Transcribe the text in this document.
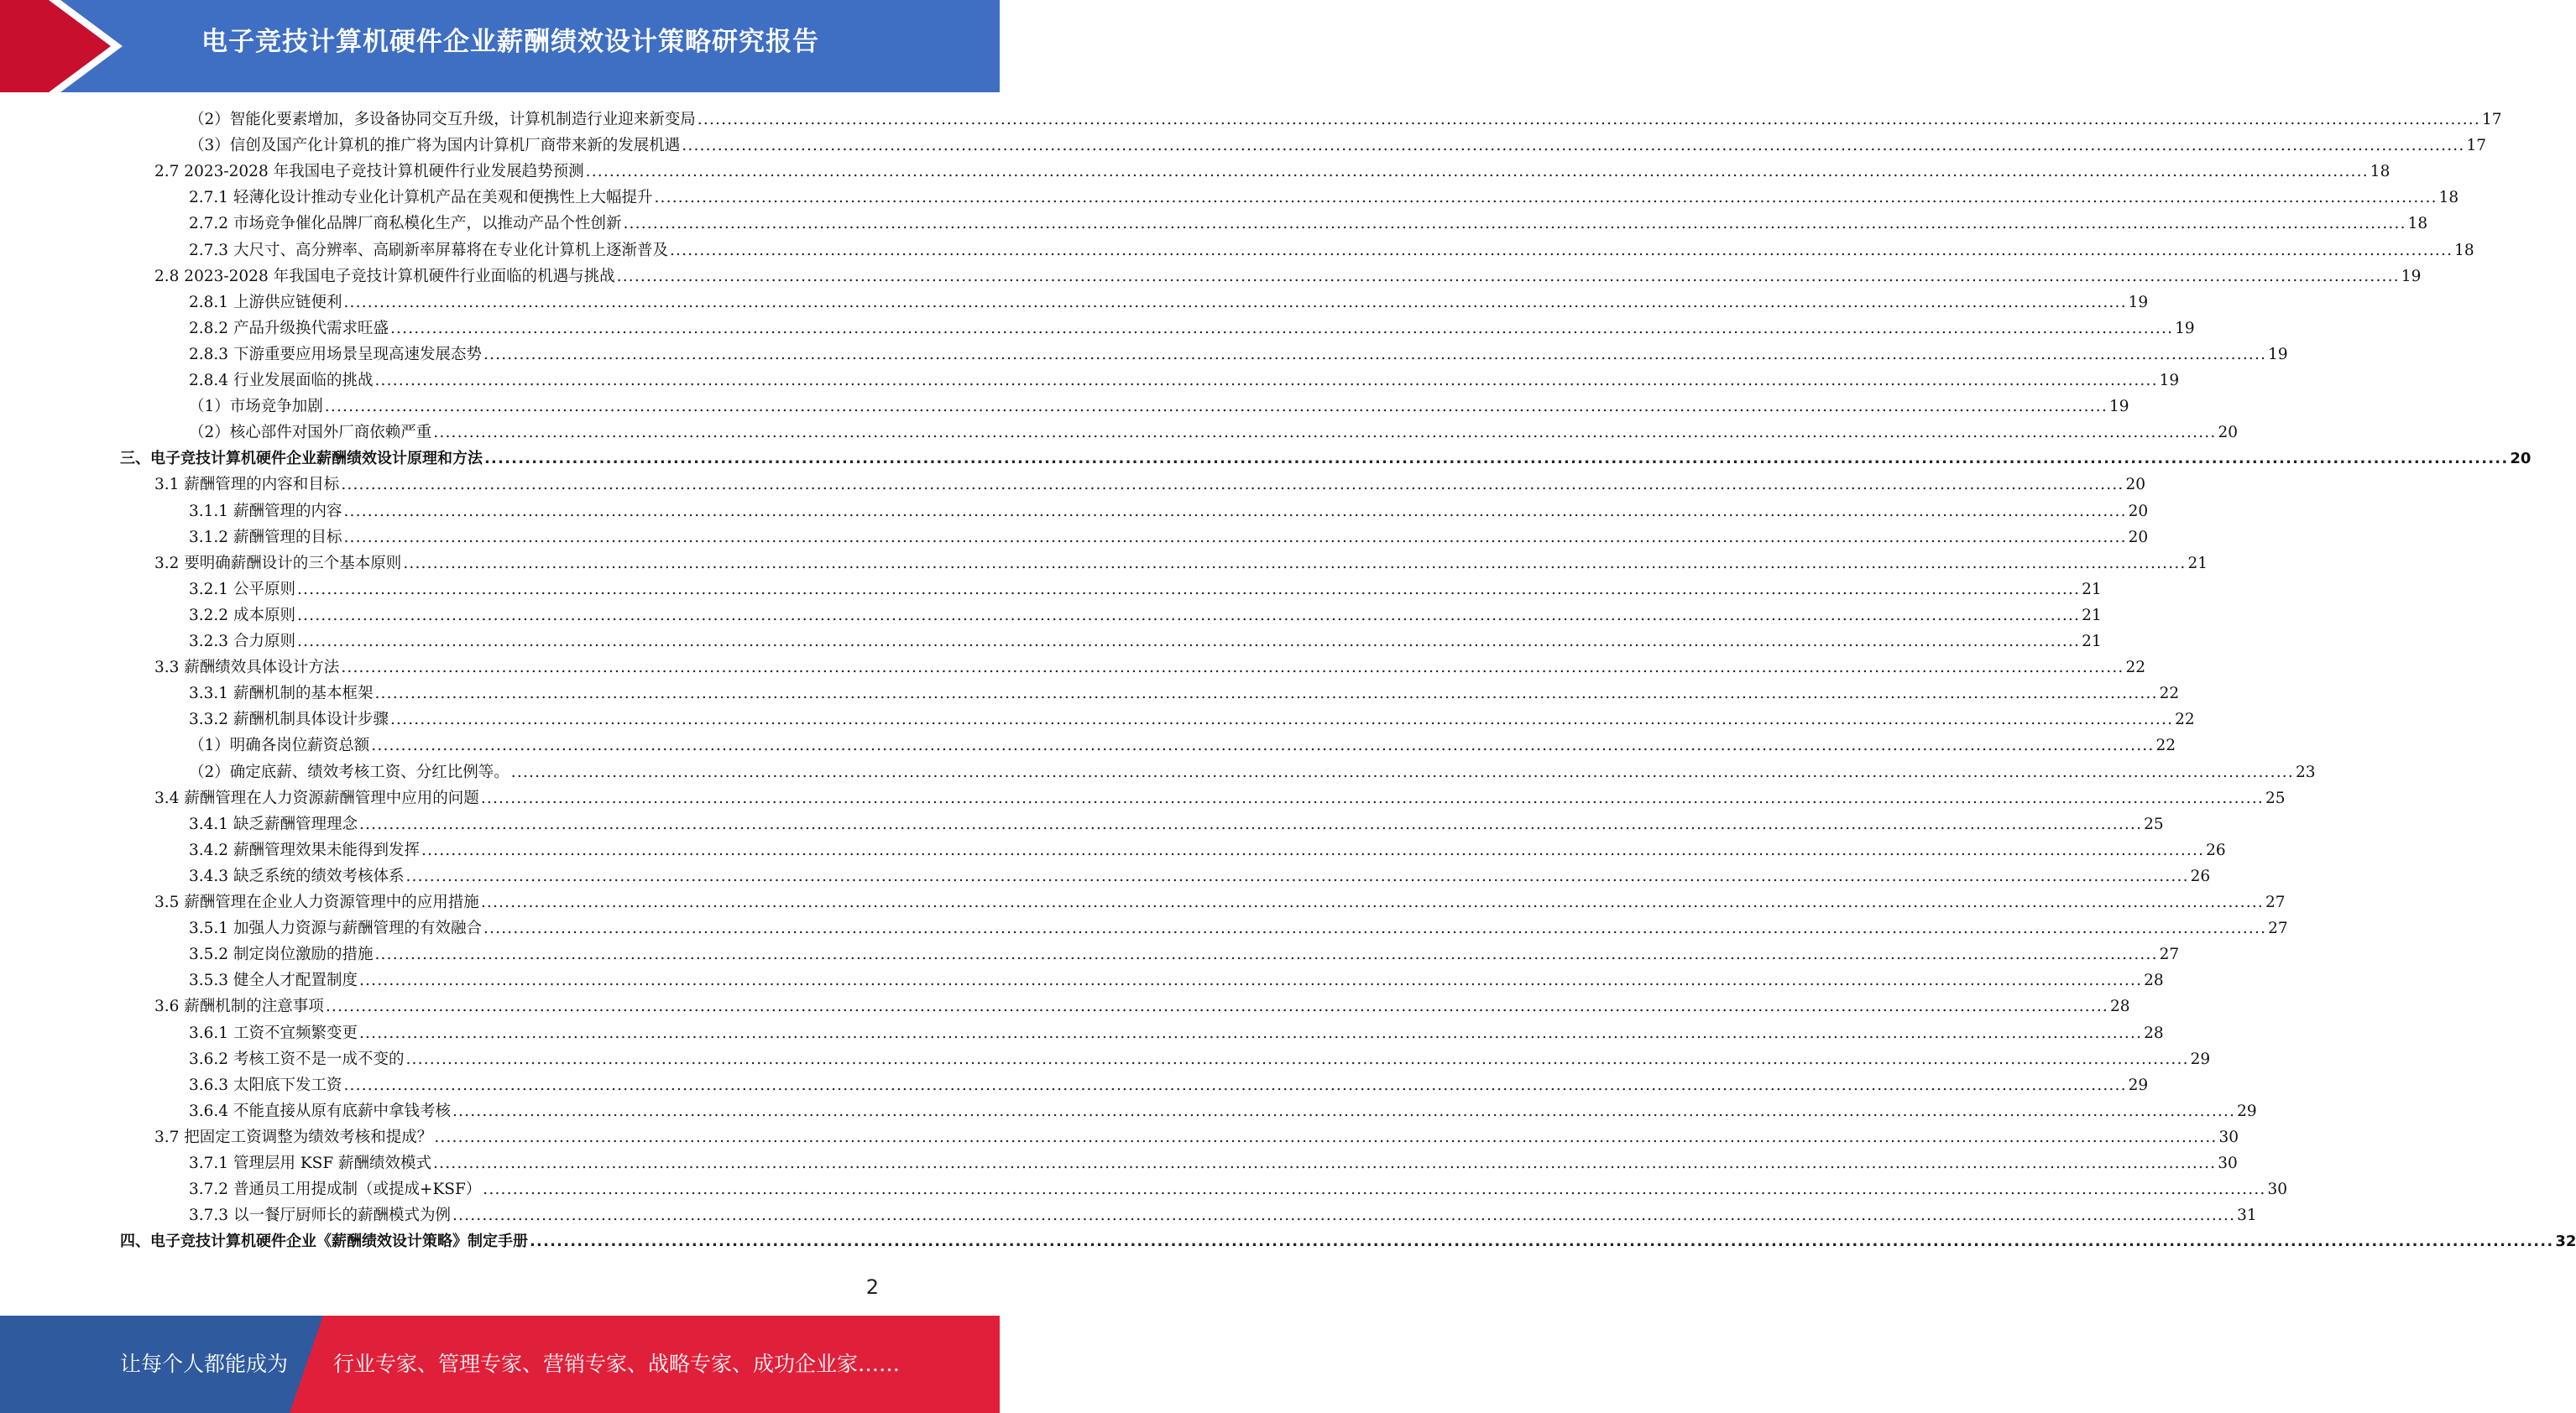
电子竞技计算机硬件企业薪酬绩效设计策略研究报告
（2）智能化要素增加，多设备协同交互升级，计算机制造行业迎来新变局 ............................................................................................................................................................................................................................................................................................................ 17
（3）信创及国产化计算机的推广将为国内计算机厂商带来新的发展机遇 ............................................................................................................................................................................................................................................................................................................ 17
2.7 2023-2028 年我国电子竞技计算机硬件行业发展趋势预测 ............................................................................................................................................................................................................................................................................................................ 18
2.7.1 轻薄化设计推动专业化计算机产品在美观和便携性上大幅提升 ............................................................................................................................................................................................................................................................................................................ 18
2.7.2 市场竞争催化品牌厂商私模化生产，以推动产品个性创新 ............................................................................................................................................................................................................................................................................................................ 18
2.7.3 大尺寸、高分辨率、高刷新率屏幕将在专业化计算机上逐渐普及 ............................................................................................................................................................................................................................................................................................................ 18
2.8 2023-2028 年我国电子竞技计算机硬件行业面临的机遇与挑战 ............................................................................................................................................................................................................................................................................................................ 19
2.8.1 上游供应链便利 ............................................................................................................................................................................................................................................................................................................ 19
2.8.2 产品升级换代需求旺盛 ............................................................................................................................................................................................................................................................................................................ 19
2.8.3 下游重要应用场景呈现高速发展态势 ............................................................................................................................................................................................................................................................................................................ 19
2.8.4 行业发展面临的挑战 ............................................................................................................................................................................................................................................................................................................ 19
（1）市场竞争加剧 ............................................................................................................................................................................................................................................................................................................ 19
（2）核心部件对国外厂商依赖严重 ............................................................................................................................................................................................................................................................................................................ 20
三、电子竞技计算机硬件企业薪酬绩效设计原理和方法 ............................................................................................................................................................................................................................................................................................................ 20
3.1 薪酬管理的内容和目标 ............................................................................................................................................................................................................................................................................................................ 20
3.1.1 薪酬管理的内容 ............................................................................................................................................................................................................................................................................................................ 20
3.1.2 薪酬管理的目标 ............................................................................................................................................................................................................................................................................................................ 20
3.2 要明确薪酬设计的三个基本原则 ............................................................................................................................................................................................................................................................................................................ 21
3.2.1 公平原则 ............................................................................................................................................................................................................................................................................................................ 21
3.2.2 成本原则 ............................................................................................................................................................................................................................................................................................................ 21
3.2.3 合力原则 ............................................................................................................................................................................................................................................................................................................ 21
3.3 薪酬绩效具体设计方法 ............................................................................................................................................................................................................................................................................................................ 22
3.3.1 薪酬机制的基本框架 ............................................................................................................................................................................................................................................................................................................ 22
3.3.2 薪酬机制具体设计步骤 ............................................................................................................................................................................................................................................................................................................ 22
（1）明确各岗位薪资总额 ............................................................................................................................................................................................................................................................................................................ 22
（2）确定底薪、绩效考核工资、分红比例等。 ............................................................................................................................................................................................................................................................................................................ 23
3.4 薪酬管理在人力资源薪酬管理中应用的问题 ............................................................................................................................................................................................................................................................................................................ 25
3.4.1 缺乏薪酬管理理念 ............................................................................................................................................................................................................................................................................................................ 25
3.4.2 薪酬管理效果未能得到发挥 ............................................................................................................................................................................................................................................................................................................ 26
3.4.3 缺乏系统的绩效考核体系 ............................................................................................................................................................................................................................................................................................................ 26
3.5 薪酬管理在企业人力资源管理中的应用措施 ............................................................................................................................................................................................................................................................................................................ 27
3.5.1 加强人力资源与薪酬管理的有效融合 ............................................................................................................................................................................................................................................................................................................ 27
3.5.2 制定岗位激励的措施 ............................................................................................................................................................................................................................................................................................................ 27
3.5.3 健全人才配置制度 ............................................................................................................................................................................................................................................................................................................ 28
3.6 薪酬机制的注意事项 ............................................................................................................................................................................................................................................................................................................ 28
3.6.1 工资不宜频繁变更 ............................................................................................................................................................................................................................................................................................................ 28
3.6.2 考核工资不是一成不变的 ............................................................................................................................................................................................................................................................................................................ 29
3.6.3 太阳底下发工资 ............................................................................................................................................................................................................................................................................................................ 29
3.6.4 不能直接从原有底薪中拿钱考核 ............................................................................................................................................................................................................................................................................................................ 29
3.7 把固定工资调整为绩效考核和提成？ ............................................................................................................................................................................................................................................................................................................ 30
3.7.1 管理层用 KSF 薪酬绩效模式 ............................................................................................................................................................................................................................................................................................................ 30
3.7.2 普通员工用提成制（或提成+KSF） ............................................................................................................................................................................................................................................................................................................ 30
3.7.3 以一餐厅厨师长的薪酬模式为例 ............................................................................................................................................................................................................................................................................................................ 31
四、电子竞技计算机硬件企业《薪酬绩效设计策略》制定手册 ............................................................................................................................................................................................................................................................................................................ 32
2
让每个人都能成为 行业专家、管理专家、营销专家、战略专家、成功企业家……
